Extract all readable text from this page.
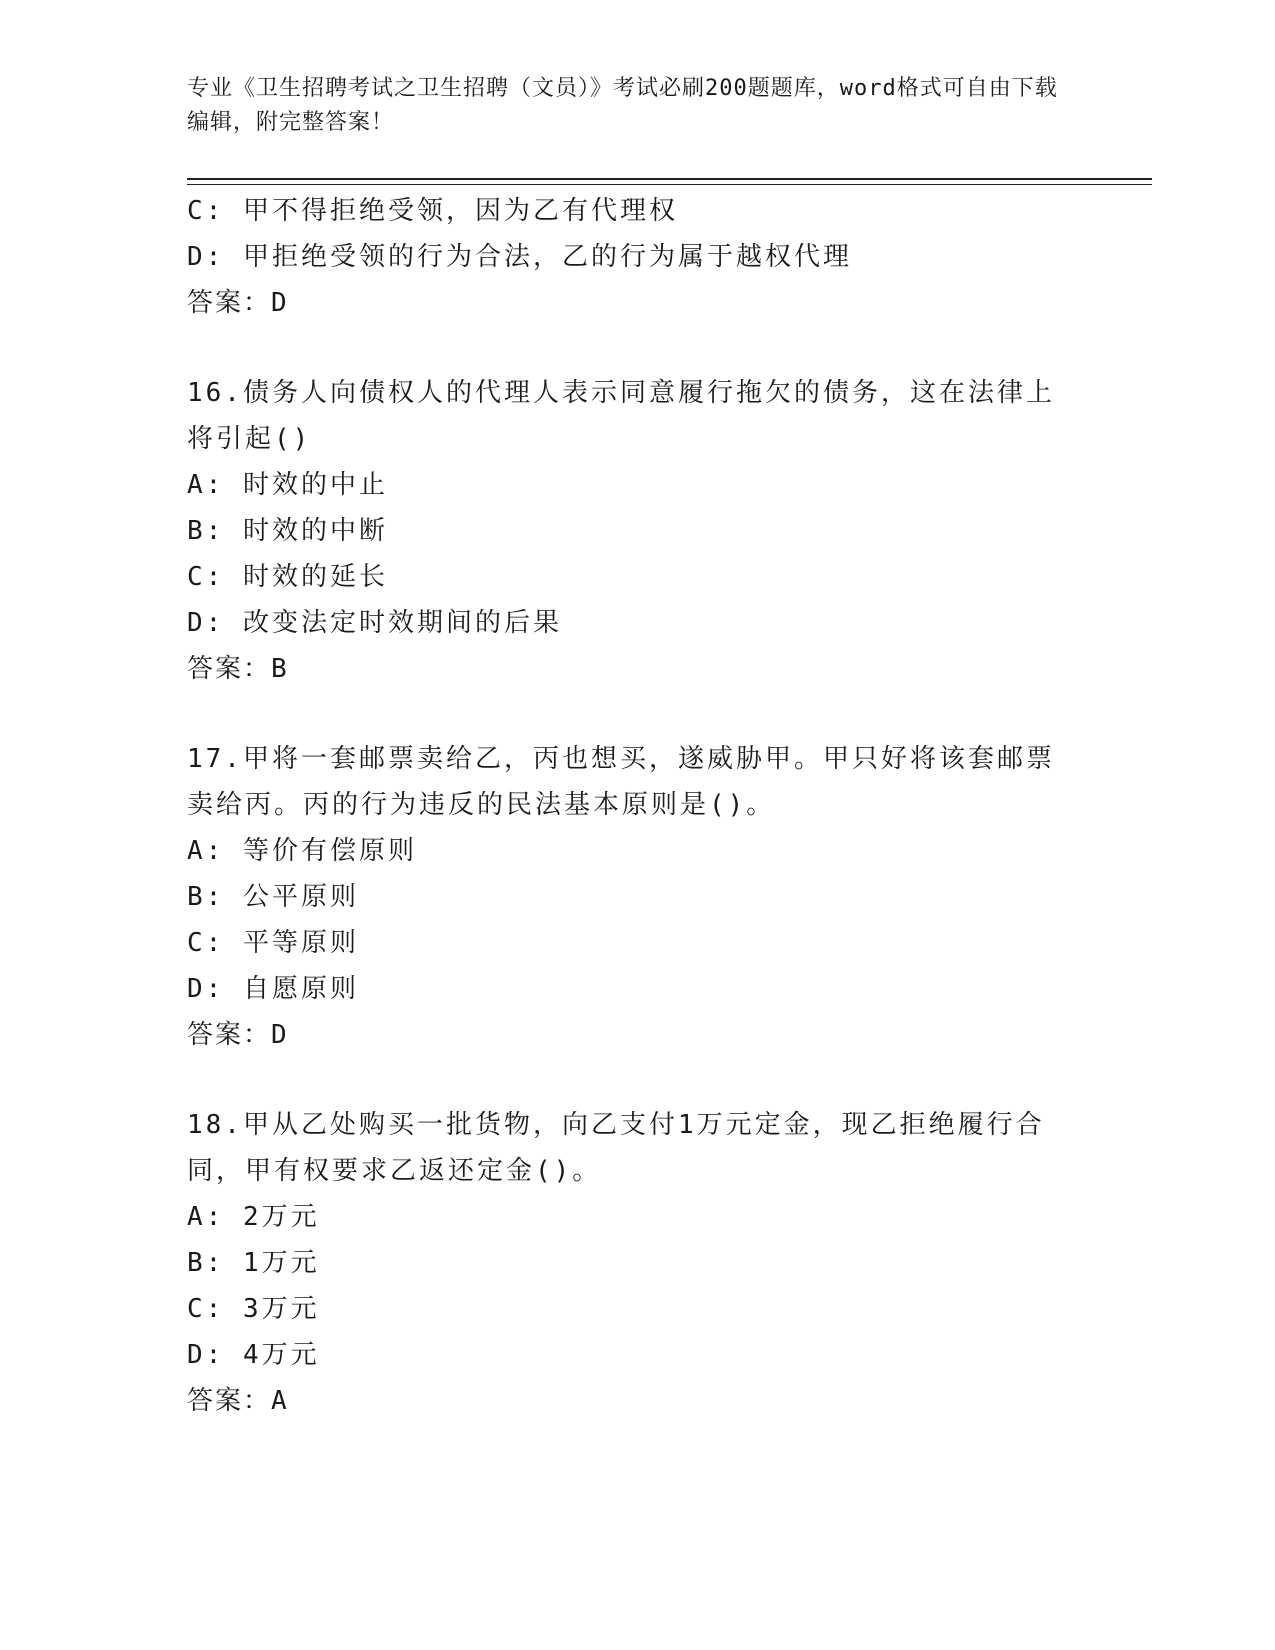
专业《卫生招聘考试之卫生招聘（文员）》考试必刷200题题库，word格式可自由下载编辑，附完整答案！

C: 甲不得拒绝受领，因为乙有代理权

D: 甲拒绝受领的行为合法，乙的行为属于越权代理

答案：D

16.债务人向债权人的代理人表示同意履行拖欠的债务，这在法律上将引起()

A: 时效的中止

B: 时效的中断

C: 时效的延长

D: 改变法定时效期间的后果

答案：B

17.甲将一套邮票卖给乙，丙也想买，遂威胁甲。甲只好将该套邮票卖给丙。丙的行为违反的民法基本原则是()。

A: 等价有偿原则

B: 公平原则

C: 平等原则

D: 自愿原则

答案：D

18.甲从乙处购买一批货物，向乙支付1万元定金，现乙拒绝履行合同，甲有权要求乙返还定金()。

A: 2万元

B: 1万元

C: 3万元

D: 4万元

答案：A
